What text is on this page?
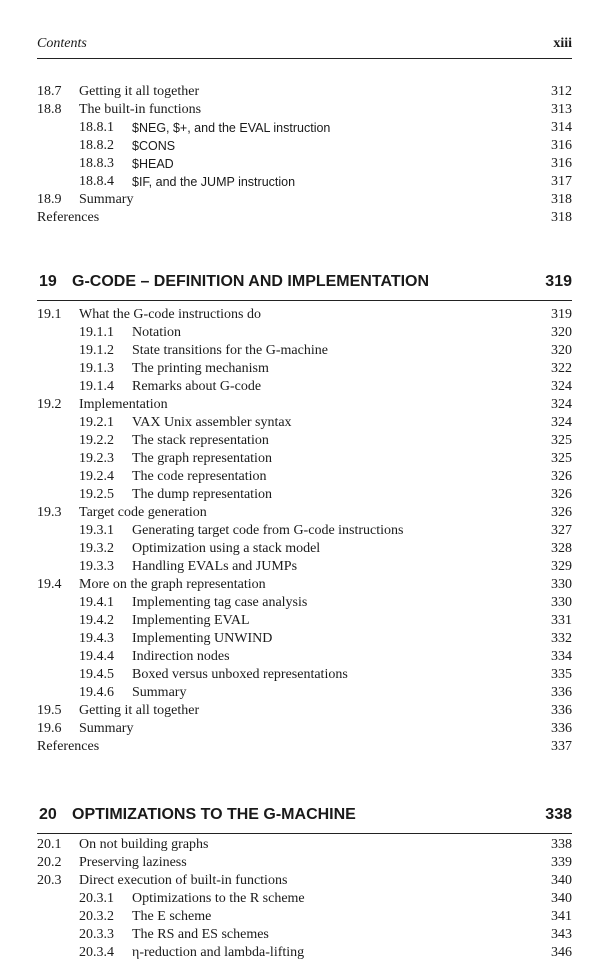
Contents	xiii
18.7 Getting it all together	312
18.8 The built-in functions	313
18.8.1 $NEG, $+, and the EVAL instruction	314
18.8.2 $CONS	316
18.8.3 $HEAD	316
18.8.4 $IF, and the JUMP instruction	317
18.9 Summary	318
References	318
19 G-CODE – DEFINITION AND IMPLEMENTATION	319
19.1 What the G-code instructions do	319
19.1.1 Notation	320
19.1.2 State transitions for the G-machine	320
19.1.3 The printing mechanism	322
19.1.4 Remarks about G-code	324
19.2 Implementation	324
19.2.1 VAX Unix assembler syntax	324
19.2.2 The stack representation	325
19.2.3 The graph representation	325
19.2.4 The code representation	326
19.2.5 The dump representation	326
19.3 Target code generation	326
19.3.1 Generating target code from G-code instructions	327
19.3.2 Optimization using a stack model	328
19.3.3 Handling EVALs and JUMPs	329
19.4 More on the graph representation	330
19.4.1 Implementing tag case analysis	330
19.4.2 Implementing EVAL	331
19.4.3 Implementing UNWIND	332
19.4.4 Indirection nodes	334
19.4.5 Boxed versus unboxed representations	335
19.4.6 Summary	336
19.5 Getting it all together	336
19.6 Summary	336
References	337
20 OPTIMIZATIONS TO THE G-MACHINE	338
20.1 On not building graphs	338
20.2 Preserving laziness	339
20.3 Direct execution of built-in functions	340
20.3.1 Optimizations to the R scheme	340
20.3.2 The E scheme	341
20.3.3 The RS and ES schemes	343
20.3.4 η-reduction and lambda-lifting	346
